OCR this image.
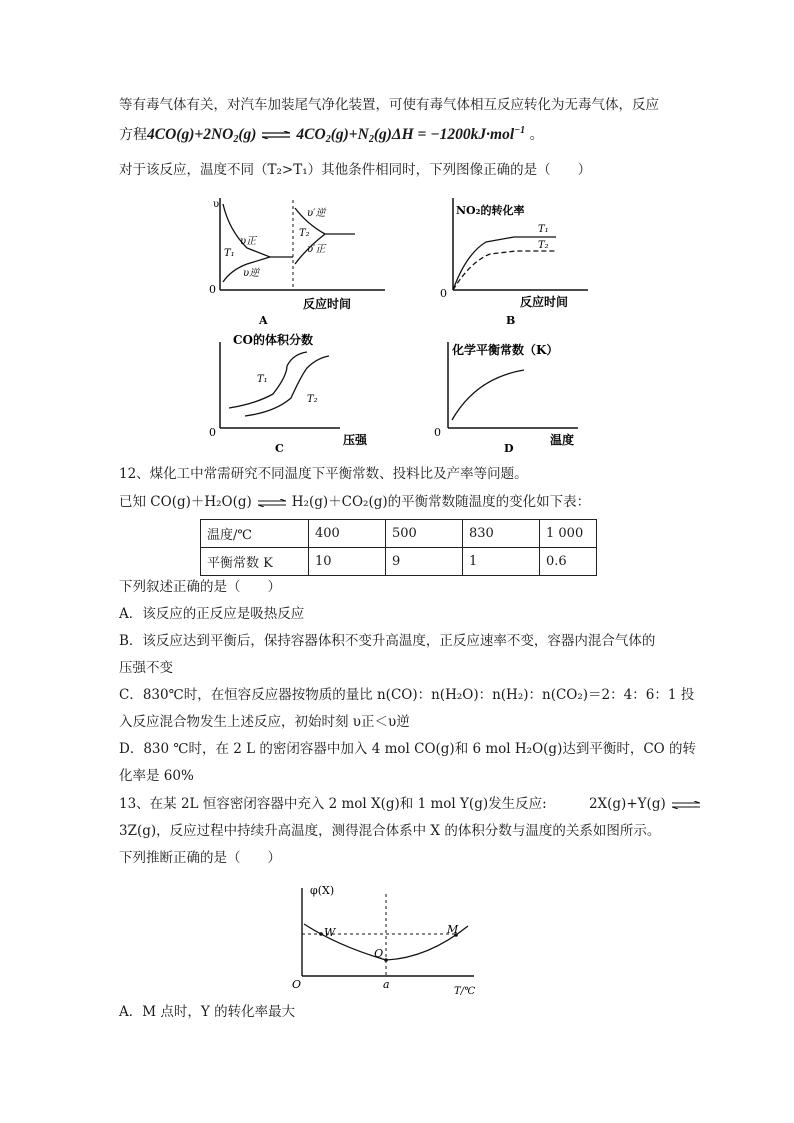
等有毒气体有关，对汽车加装尾气净化装置，可使有毒气体相互反应转化为无毒气体，反应
方程$4CO(g)+2NO_2(g)$ ⇌ $4CO_2(g)+N_2(g)\Delta H = -1200kJ\cdot mol^{-1}$ 。
对于该反应，温度不同（T₂>T₁）其他条件相同时，下列图像正确的是（　　）
υ
0
υ′逆
T₂
υ′正
υ正
T₁
υ逆
反应时间
A
NO₂的转化率
0
T₁
T₂
反应时间
B
CO的体积分数
0
T₁
T₂
压强
C
化学平衡常数（K）
0
温度
D
12、煤化工中常需研究不同温度下平衡常数、投料比及产率等问题。
已知 CO(g)＋H₂O(g) ⇌ H₂(g)＋CO₂(g)的平衡常数随温度的变化如下表：
温度/℃	400	500	830	1 000
平衡常数 K	10	9	1	0.6
下列叙述正确的是（　　）
A．该反应的正反应是吸热反应
B．该反应达到平衡后，保持容器体积不变升高温度，正反应速率不变，容器内混合气体的
压强不变
C．830℃时，在恒容反应器按物质的量比 n(CO)：n(H₂O)：n(H₂)：n(CO₂)＝2：4：6：1 投
入反应混合物发生上述反应，初始时刻 υ正＜υ逆
D．830 ℃时，在 2 L 的密闭容器中加入 4 mol CO(g)和 6 mol H₂O(g)达到平衡时，CO 的转
化率是 60%
13、在某 2L 恒容密闭容器中充入 2 mol X(g)和 1 mol Y(g)发生反应:	2X(g)+Y(g) ⇌
3Z(g)，反应过程中持续升高温度，测得混合体系中 X 的体积分数与温度的关系如图所示。
下列推断正确的是（　　）
φ(X)
O
W
Q
M
a
T/℃
A．M 点时，Y 的转化率最大
